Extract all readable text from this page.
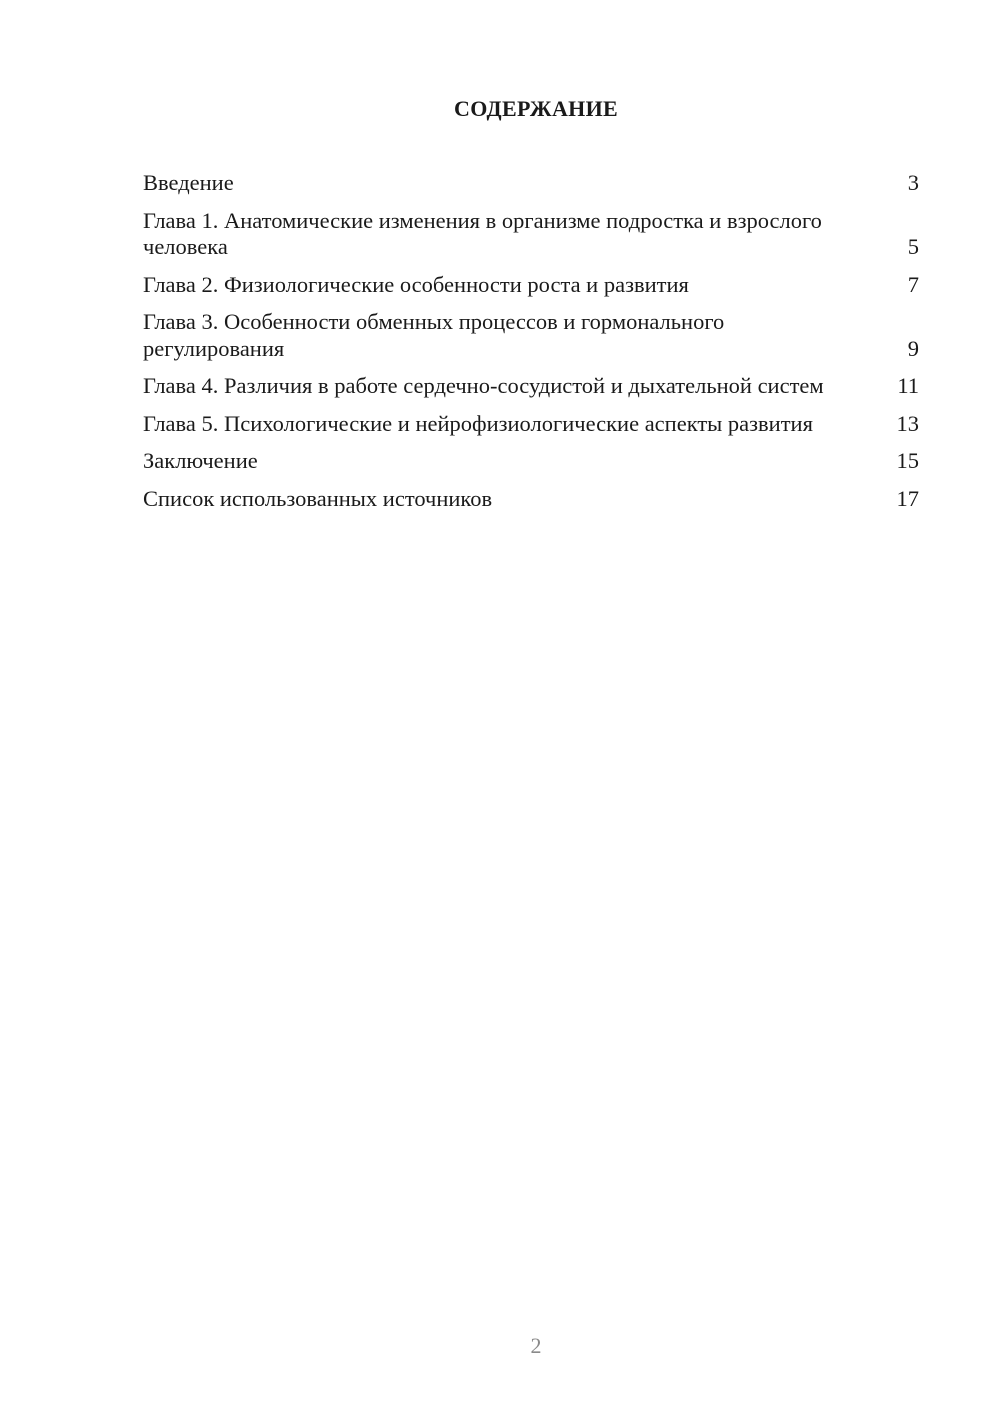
СОДЕРЖАНИЕ
Введение	3
Глава 1. Анатомические изменения в организме подростка и взрослого человека	5
Глава 2. Физиологические особенности роста и развития	7
Глава 3. Особенности обменных процессов и гормонального регулирования	9
Глава 4. Различия в работе сердечно-сосудистой и дыхательной систем	11
Глава 5. Психологические и нейрофизиологические аспекты развития	13
Заключение	15
Список использованных источников	17
2
